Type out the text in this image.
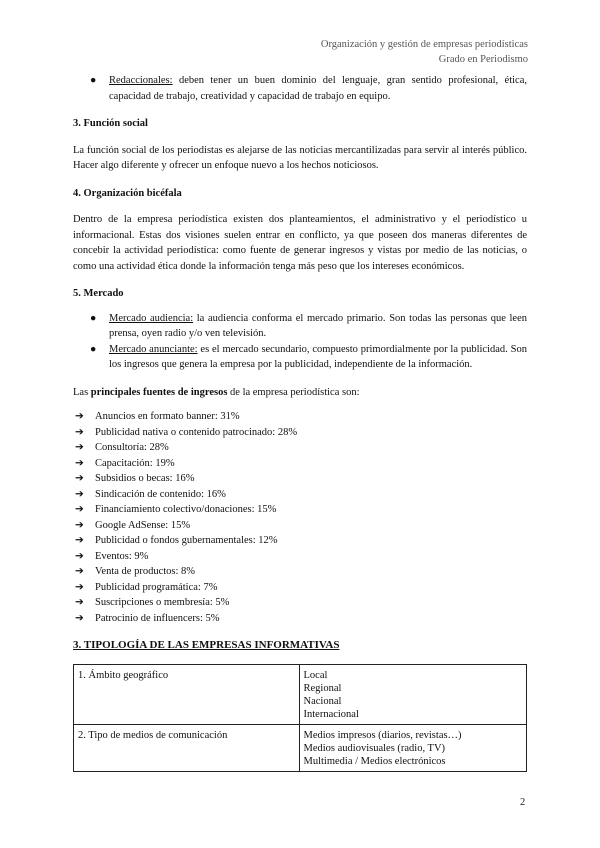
Organización y gestión de empresas periodísticas
Grado en Periodismo
● Redaccionales: deben tener un buen dominio del lenguaje, gran sentido profesional, ética, capacidad de trabajo, creatividad y capacidad de trabajo en equipo.
3. Función social

La función social de los periodistas es alejarse de las noticias mercantilizadas para servir al interés público. Hacer algo diferente y ofrecer un enfoque nuevo a los hechos noticiosos.

4. Organización bicéfala

Dentro de la empresa periodística existen dos planteamientos, el administrativo y el periodístico u informacional. Estas dos visiones suelen entrar en conflicto, ya que poseen dos maneras diferentes de concebir la actividad periodística: como fuente de generar ingresos y vistas por medio de las noticias, o como una actividad ética donde la información tenga más peso que los intereses económicos.

5. Mercado
● Mercado audiencia: la audiencia conforma el mercado primario. Son todas las personas que leen prensa, oyen radio y/o ven televisión.
● Mercado anunciante: es el mercado secundario, compuesto primordialmente por la publicidad. Son los ingresos que genera la empresa por la publicidad, independiente de la información.

Las principales fuentes de ingresos de la empresa periodística son:

➔ Anuncios en formato banner: 31%
➔ Publicidad nativa o contenido patrocinado: 28%
➔ Consultoría: 28%
➔ Capacitación: 19%
➔ Subsidios o becas: 16%
➔ Sindicación de contenido: 16%
➔ Financiamiento colectivo/donaciones: 15%
➔ Google AdSense: 15%
➔ Publicidad o fondos gubernamentales: 12%
➔ Eventos: 9%
➔ Venta de productos: 8%
➔ Publicidad programática: 7%
➔ Suscripciones o membresía: 5%
➔ Patrocinio de influencers: 5%

3. TIPOLOGÍA DE LAS EMPRESAS INFORMATIVAS

1. Ámbito geográfico	Local
Regional
Nacional
Internacional

2. Tipo de medios de comunicación	Medios impresos (diarios, revistas…)
Medios audiovisuales (radio, TV)
Multimedia / Medios electrónicos
2
